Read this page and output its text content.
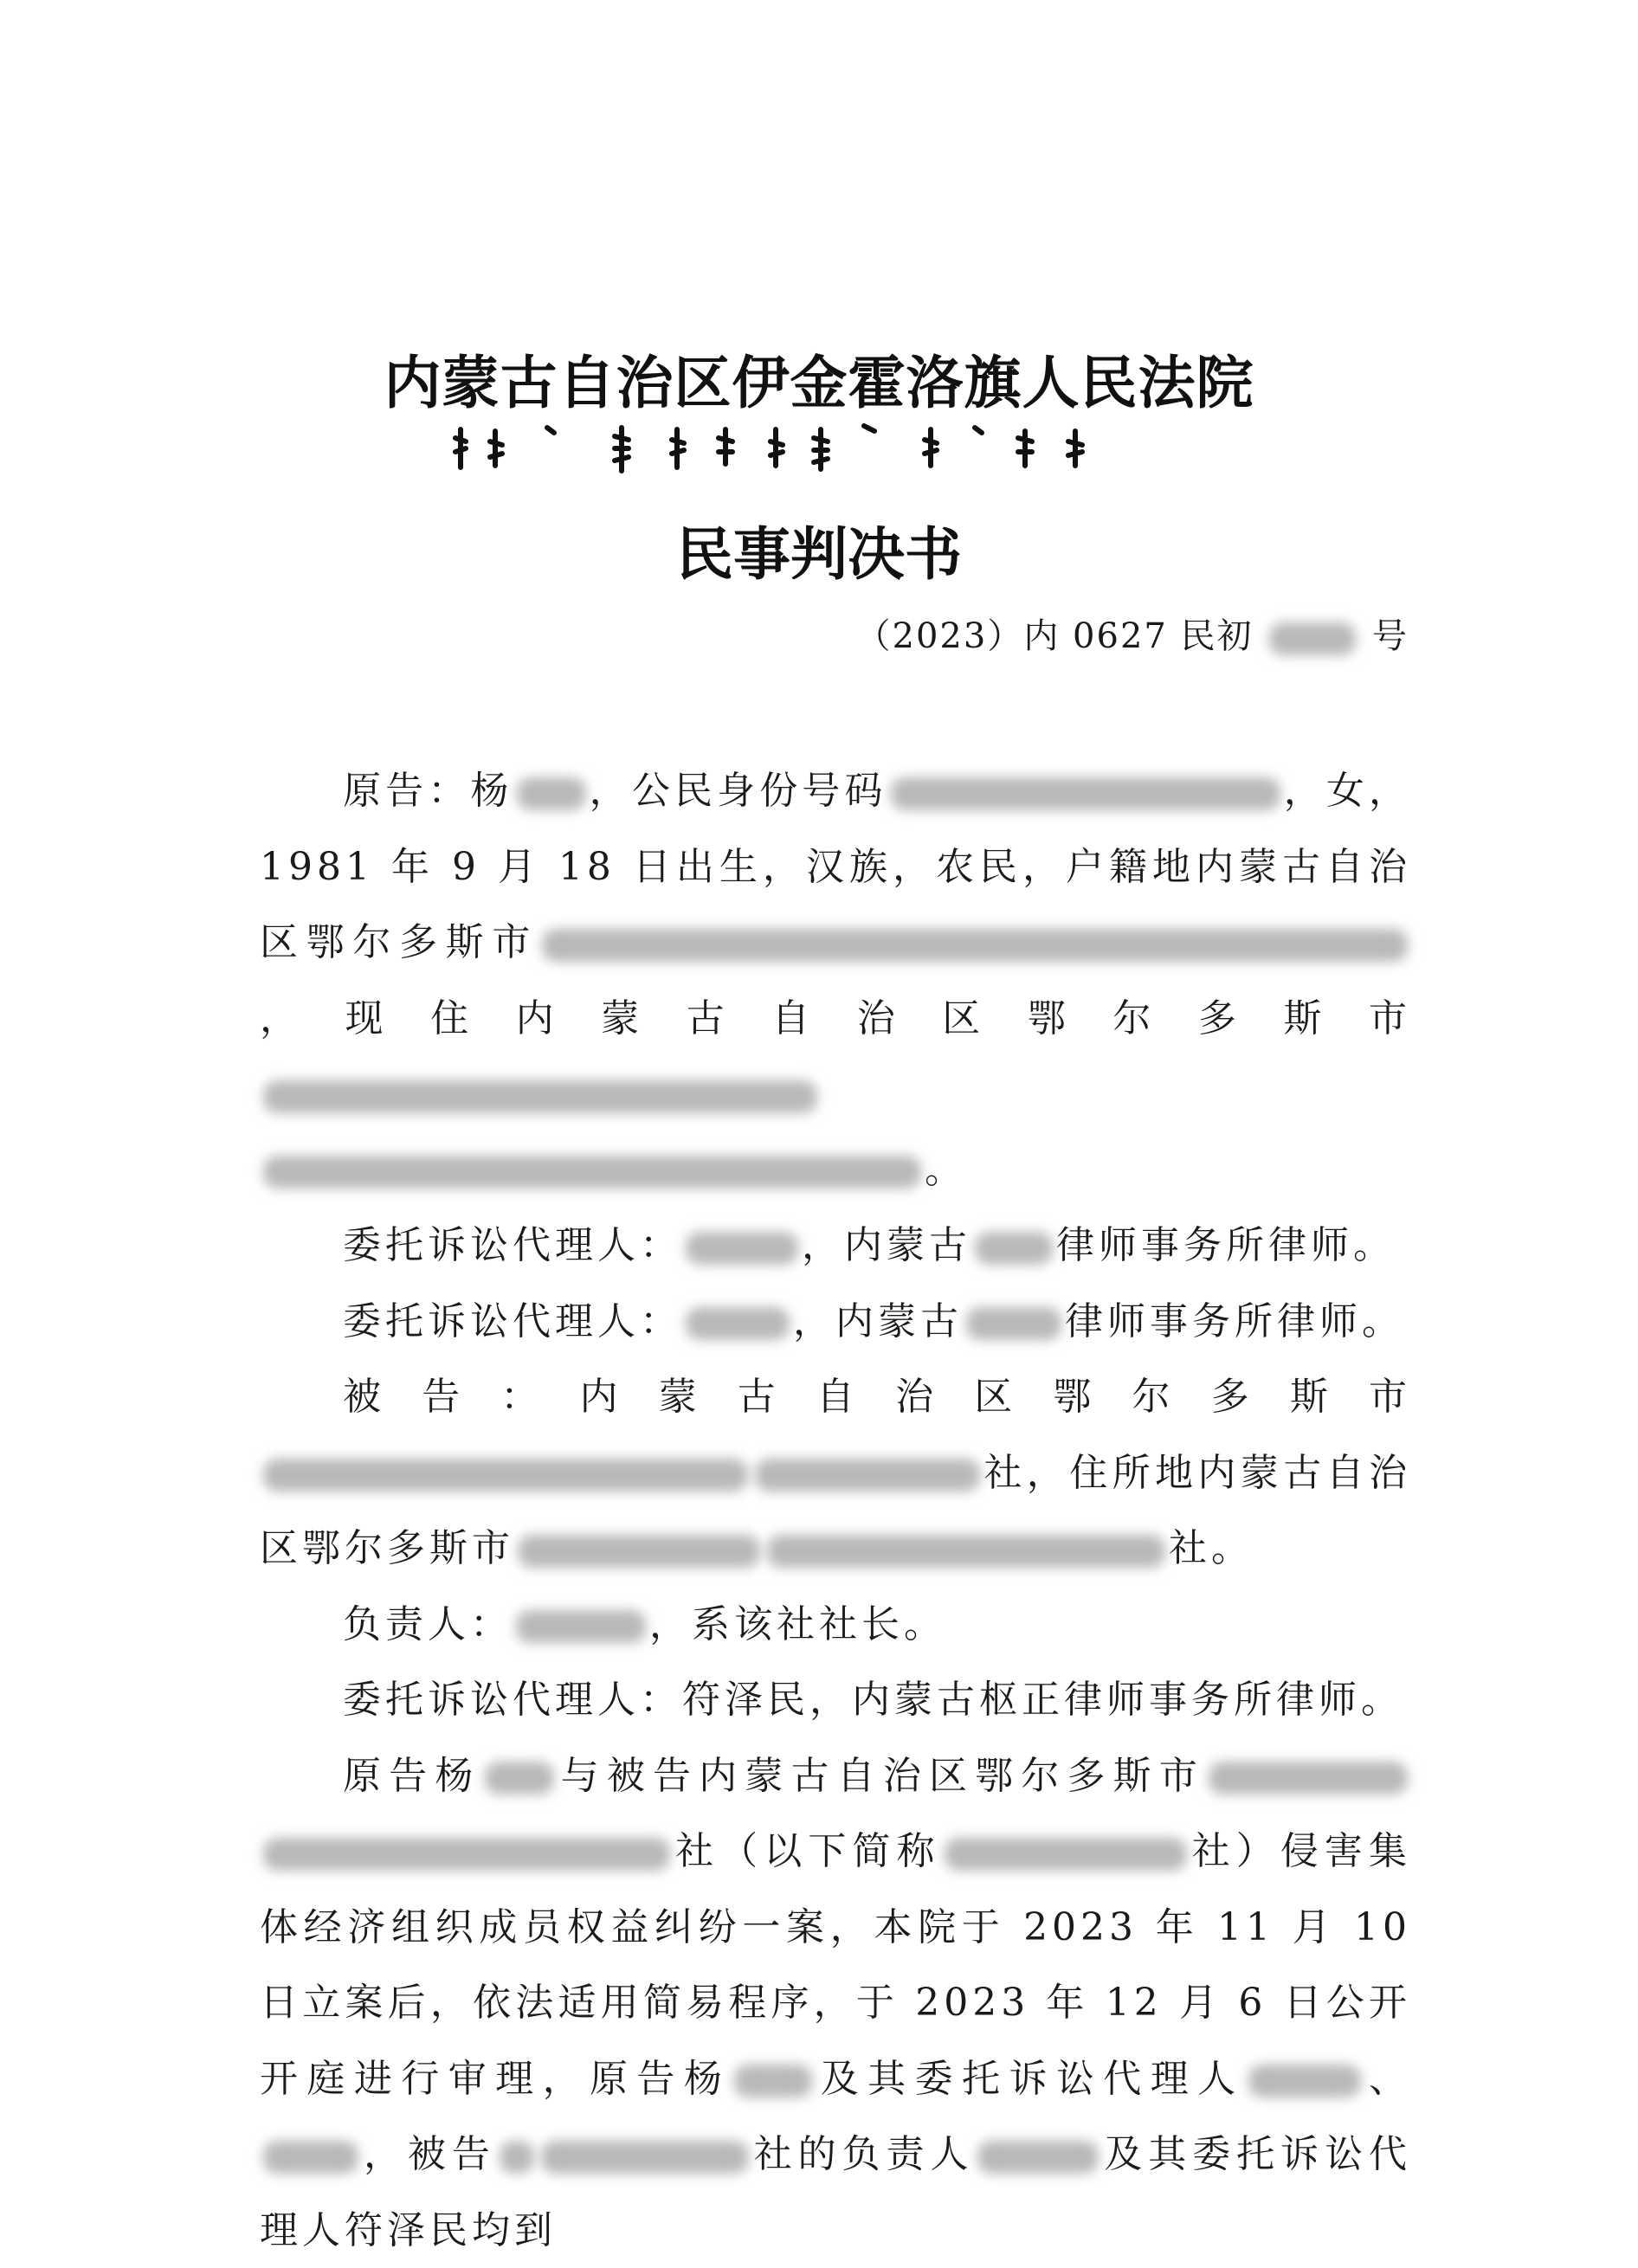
内蒙古自治区伊金霍洛旗人民法院
民事判决书
（2023）内 0627 民初	号

原告：杨 ，公民身份号码	，女，1981 年 9 月 18 日出生，汉族，农民，户籍地内蒙古自治区鄂尔多斯市，现住内蒙古自治区鄂尔多斯市。

委托诉讼代理人：	，内蒙古 律师事务所律师。

委托诉讼代理人：	，内蒙古	律师事务所律师。

被告：内蒙古自治区鄂尔多斯市社，住所地内蒙古自治区鄂尔多斯市	社。

负责人：	，系该社社长。

委托诉讼代理人：符泽民，内蒙古枢正律师事务所律师。

原告杨 与被告内蒙古自治区鄂尔多斯市社（以下简称	社）侵害集体经济组织成员权益纠纷一案，本院于 2023 年 11 月 10 日立案后，依法适用简易程序，于 2023 年 12 月 6 日公开开庭进行审理，原告杨 及其委托诉讼代理人	、，被告	社的负责人	及其委托诉讼代理人符泽民均到
